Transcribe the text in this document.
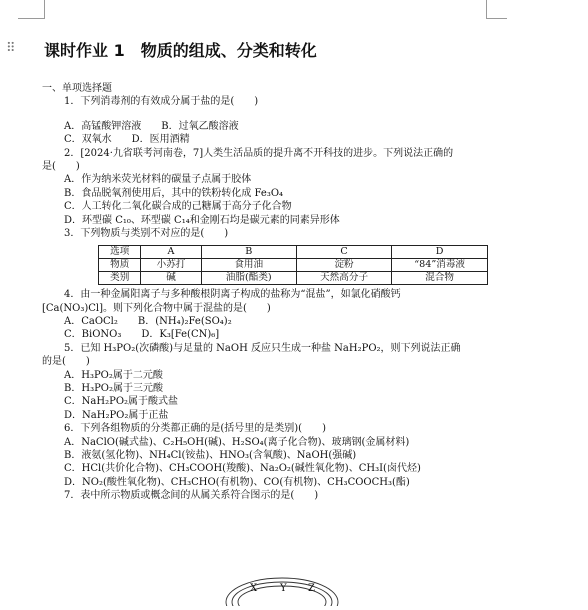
⠿ 课时作业 1　物质的组成、分类和转化
一、单项选择题
1．下列消毒剂的有效成分属于盐的是(　　)
A．高锰酸钾溶液　　B．过氧乙酸溶液
C．双氧水　　D．医用酒精
2．[2024·九省联考河南卷，7]人类生活品质的提升离不开科技的进步。下列说法正确的
是(　　)
A．作为纳米荧光材料的碳量子点属于胶体
B．食品脱氧剂使用后，其中的铁粉转化成 Fe₃O₄
C．人工转化二氧化碳合成的己糖属于高分子化合物
D．环型碳 C₁₀、环型碳 C₁₄和金刚石均是碳元素的同素异形体
3．下列物质与类别不对应的是(　　)
选项	A	B	C	D
物质	小苏打	食用油	淀粉	“84”消毒液
类别	碱	油脂(酯类)	天然高分子	混合物
4．由一种金属阳离子与多种酸根阴离子构成的盐称为“混盐”，如氯化硝酸钙
[Ca(NO₃)Cl]。则下列化合物中属于混盐的是(　　)
A．CaOCl₂　　B．(NH₄)₂Fe(SO₄)₂
C．BiONO₃　　D．K₃[Fe(CN)₆]
5．已知 H₃PO₂(次磷酸)与足量的 NaOH 反应只生成一种盐 NaH₂PO₂，则下列说法正确
的是(　　)
A．H₃PO₂属于二元酸
B．H₃PO₂属于三元酸
C．NaH₂PO₂属于酸式盐
D．NaH₂PO₂属于正盐
6．下列各组物质的分类都正确的是(括号里的是类别)(　　)
A．NaClO(碱式盐)、C₂H₅OH(碱)、H₂SO₄(离子化合物)、玻璃钢(金属材料)
B．液氨(氢化物)、NH₄Cl(铵盐)、HNO₃(含氧酸)、NaOH(强碱)
C．HCl(共价化合物)、CH₃COOH(羧酸)、Na₂O₂(碱性氧化物)、CH₃I(卤代烃)
D．NO₂(酸性氧化物)、CH₃CHO(有机物)、CO(有机物)、CH₃COOCH₃(酯)
7．表中所示物质或概念间的从属关系符合图示的是(　　)
X Y Z
